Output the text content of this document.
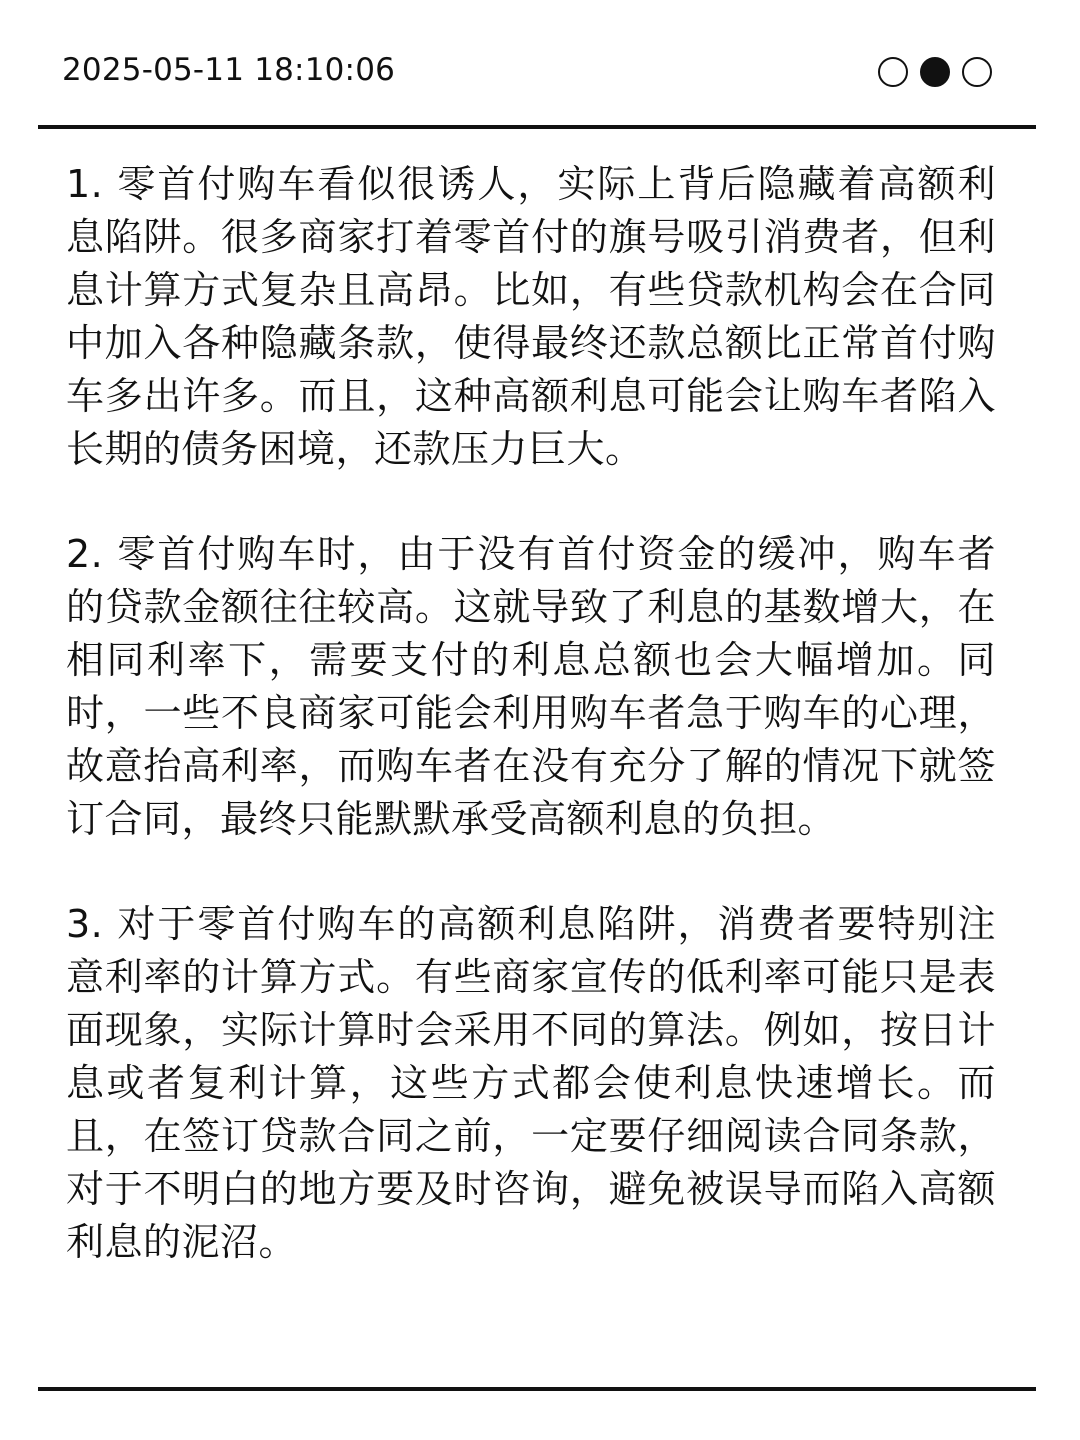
2025-05-11 18:10:06

1. 零首付购车看似很诱人，实际上背后隐藏着高额利息陷阱。很多商家打着零首付的旗号吸引消费者，但利息计算方式复杂且高昂。比如，有些贷款机构会在合同中加入各种隐藏条款，使得最终还款总额比正常首付购车多出许多。而且，这种高额利息可能会让购车者陷入长期的债务困境，还款压力巨大。

2. 零首付购车时，由于没有首付资金的缓冲，购车者的贷款金额往往较高。这就导致了利息的基数增大，在相同利率下，需要支付的利息总额也会大幅增加。同时，一些不良商家可能会利用购车者急于购车的心理，故意抬高利率，而购车者在没有充分了解的情况下就签订合同，最终只能默默承受高额利息的负担。

3. 对于零首付购车的高额利息陷阱，消费者要特别注意利率的计算方式。有些商家宣传的低利率可能只是表面现象，实际计算时会采用不同的算法。例如，按日计息或者复利计算，这些方式都会使利息快速增长。而且，在签订贷款合同之前，一定要仔细阅读合同条款，对于不明白的地方要及时咨询，避免被误导而陷入高额利息的泥沼。
